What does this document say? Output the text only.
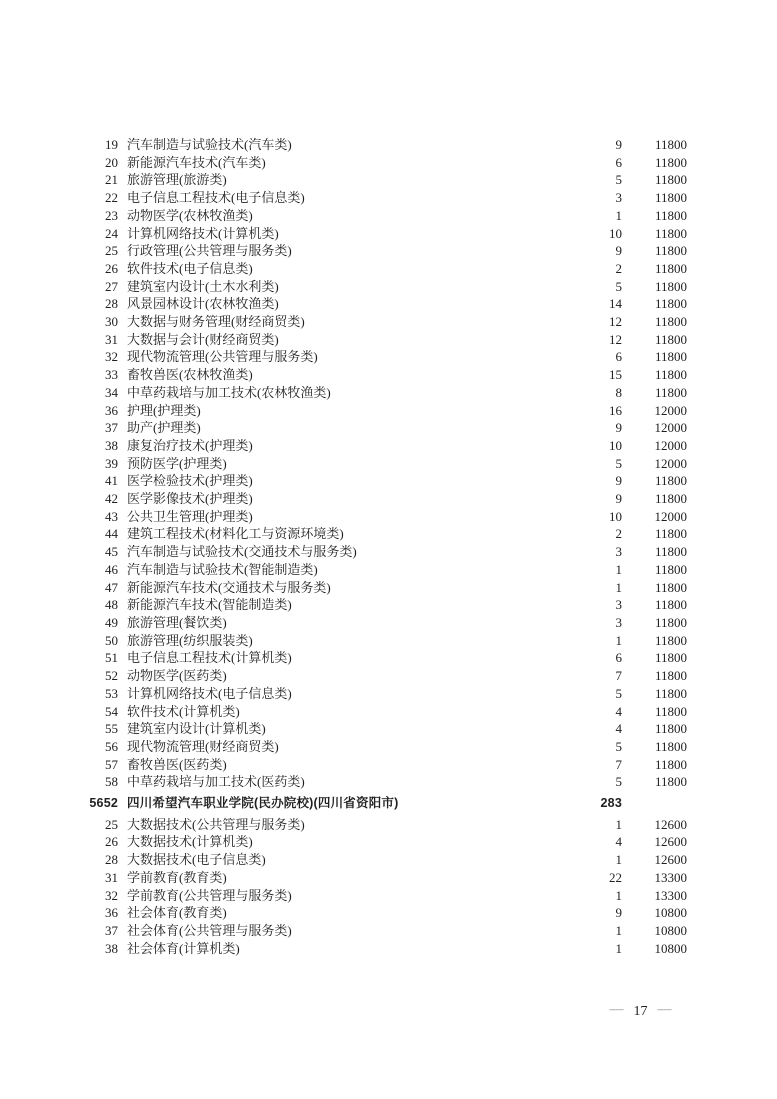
19 汽车制造与试验技术(汽车类)	9	11800
20 新能源汽车技术(汽车类)	6	11800
21 旅游管理(旅游类)	5	11800
22 电子信息工程技术(电子信息类)	3	11800
23 动物医学(农林牧渔类)	1	11800
24 计算机网络技术(计算机类)	10	11800
25 行政管理(公共管理与服务类)	9	11800
26 软件技术(电子信息类)	2	11800
27 建筑室内设计(土木水利类)	5	11800
28 风景园林设计(农林牧渔类)	14	11800
30 大数据与财务管理(财经商贸类)	12	11800
31 大数据与会计(财经商贸类)	12	11800
32 现代物流管理(公共管理与服务类)	6	11800
33 畜牧兽医(农林牧渔类)	15	11800
34 中草药栽培与加工技术(农林牧渔类)	8	11800
36 护理(护理类)	16	12000
37 助产(护理类)	9	12000
38 康复治疗技术(护理类)	10	12000
39 预防医学(护理类)	5	12000
41 医学检验技术(护理类)	9	11800
42 医学影像技术(护理类)	9	11800
43 公共卫生管理(护理类)	10	12000
44 建筑工程技术(材料化工与资源环境类)	2	11800
45 汽车制造与试验技术(交通技术与服务类)	3	11800
46 汽车制造与试验技术(智能制造类)	1	11800
47 新能源汽车技术(交通技术与服务类)	1	11800
48 新能源汽车技术(智能制造类)	3	11800
49 旅游管理(餐饮类)	3	11800
50 旅游管理(纺织服装类)	1	11800
51 电子信息工程技术(计算机类)	6	11800
52 动物医学(医药类)	7	11800
53 计算机网络技术(电子信息类)	5	11800
54 软件技术(计算机类)	4	11800
55 建筑室内设计(计算机类)	4	11800
56 现代物流管理(财经商贸类)	5	11800
57 畜牧兽医(医药类)	7	11800
58 中草药栽培与加工技术(医药类)	5	11800
5652 四川希望汽车职业学院(民办院校)(四川省资阳市)	283
25 大数据技术(公共管理与服务类)	1	12600
26 大数据技术(计算机类)	4	12600
28 大数据技术(电子信息类)	1	12600
31 学前教育(教育类)	22	13300
32 学前教育(公共管理与服务类)	1	13300
36 社会体育(教育类)	9	10800
37 社会体育(公共管理与服务类)	1	10800
38 社会体育(计算机类)	1	10800
— 17 —
